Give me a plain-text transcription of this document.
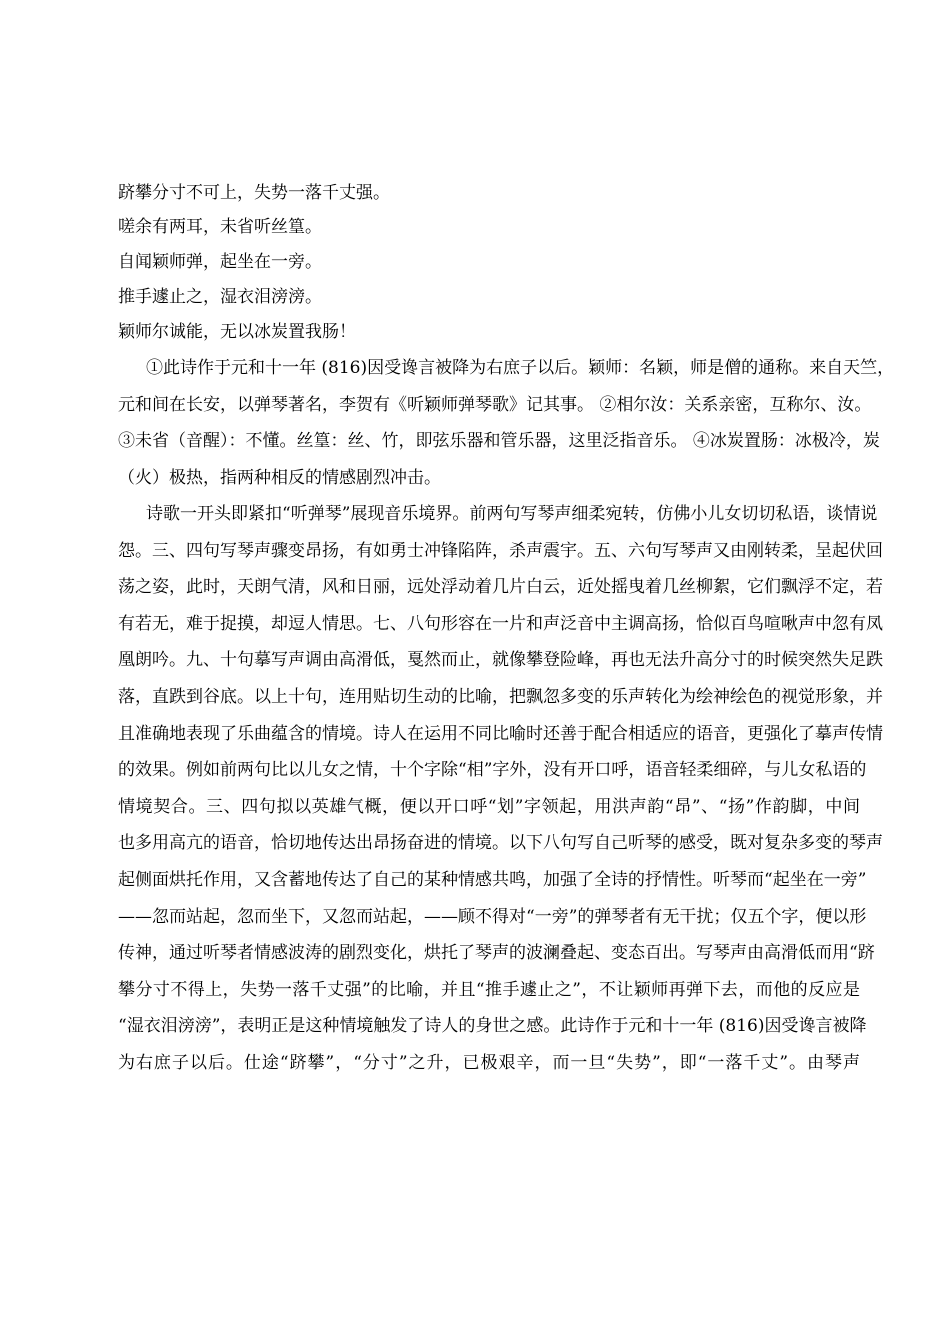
跻攀分寸不可上，失势一落千丈强。

嗟余有两耳，未省听丝篁。

自闻颖师弹，起坐在一旁。

推手遽止之，湿衣泪滂滂。

颖师尔诚能，无以冰炭置我肠！

①此诗作于元和十一年 (816)因受谗言被降为右庶子以后。颖师：名颖，师是僧的通称。来自天竺，
元和间在长安，以弹琴著名，李贺有《听颖师弹琴歌》记其事。 ②相尔汝：关系亲密，互称尔、汝。
③未省（音醒）：不懂。丝篁：丝、竹，即弦乐器和管乐器，这里泛指音乐。 ④冰炭置肠：冰极冷，炭
（火）极热，指两种相反的情感剧烈冲击。
诗歌一开头即紧扣“听弹琴”展现音乐境界。前两句写琴声细柔宛转，仿佛小儿女切切私语，谈情说
怨。三、四句写琴声骤变昂扬，有如勇士冲锋陷阵，杀声震宇。五、六句写琴声又由刚转柔，呈起伏回
荡之姿，此时，天朗气清，风和日丽，远处浮动着几片白云，近处摇曳着几丝柳絮，它们飘浮不定，若
有若无，难于捉摸，却逗人情思。七、八句形容在一片和声泛音中主调高扬，恰似百鸟喧啾声中忽有凤
凰朗吟。九、十句摹写声调由高滑低，戛然而止，就像攀登险峰，再也无法升高分寸的时候突然失足跌
落，直跌到谷底。以上十句，连用贴切生动的比喻，把飘忽多变的乐声转化为绘神绘色的视觉形象，并
且准确地表现了乐曲蕴含的情境。诗人在运用不同比喻时还善于配合相适应的语音，更强化了摹声传情
的效果。例如前两句比以儿女之情，十个字除“相”字外，没有开口呼，语音轻柔细碎，与儿女私语的
情境契合。三、四句拟以英雄气概，便以开口呼“划”字领起，用洪声韵“昂”、“扬”作韵脚，中间
也多用高亢的语音，恰切地传达出昂扬奋进的情境。以下八句写自己听琴的感受，既对复杂多变的琴声
起侧面烘托作用，又含蓄地传达了自己的某种情感共鸣，加强了全诗的抒情性。听琴而“起坐在一旁”
——忽而站起，忽而坐下，又忽而站起，——顾不得对“一旁”的弹琴者有无干扰；仅五个字，便以形
传神，通过听琴者情感波涛的剧烈变化，烘托了琴声的波澜叠起、变态百出。写琴声由高滑低而用“跻
攀分寸不得上，失势一落千丈强”的比喻，并且“推手遽止之”，不让颖师再弹下去，而他的反应是
“湿衣泪滂滂”，表明正是这种情境触发了诗人的身世之感。此诗作于元和十一年 (816)因受谗言被降
为右庶子以后。仕途“跻攀”，“分寸”之升，已极艰辛，而一旦“失势”，即“一落千丈”。由琴声
